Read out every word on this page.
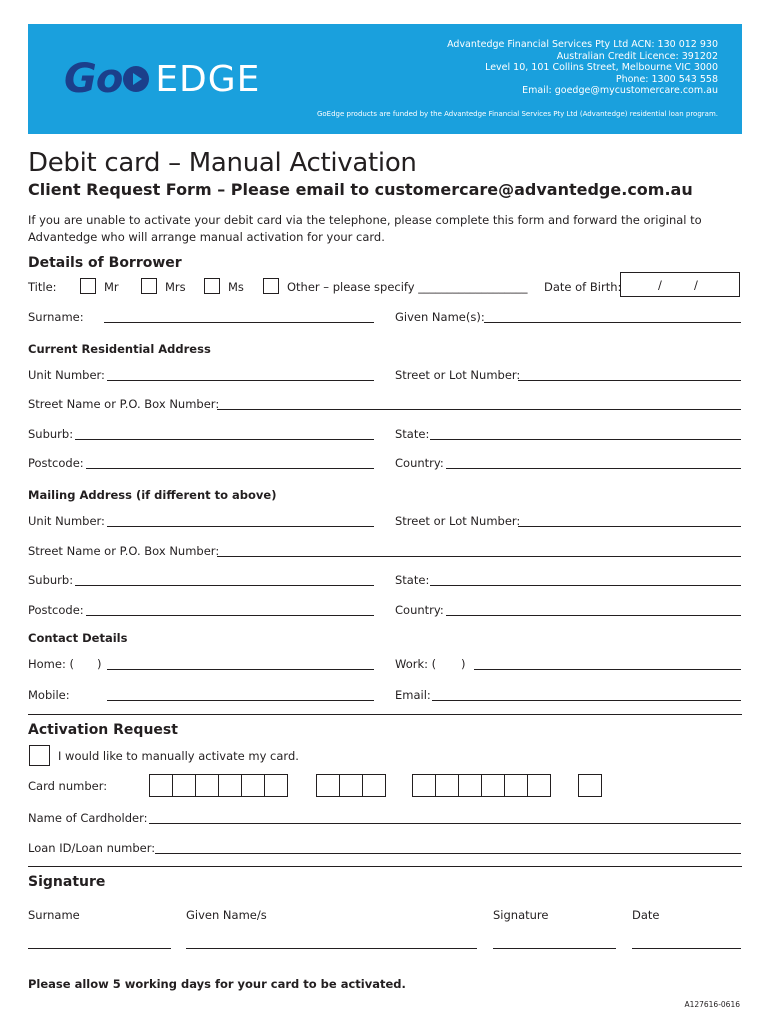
Go EDGE
Advantedge Financial Services Pty Ltd ACN: 130 012 930
Australian Credit Licence: 391202
Level 10, 101 Collins Street, Melbourne VIC 3000
Phone: 1300 543 558
Email: goedge@mycustomercare.com.au
GoEdge products are funded by the Advantedge Financial Services Pty Ltd (Advantedge) residential loan program.
Debit card – Manual Activation
Client Request Form – Please email to customercare@advantedge.com.au
If you are unable to activate your debit card via the telephone, please complete this form and forward the original to Advantedge who will arrange manual activation for your card.
Details of Borrower
Title:	Mr	Mrs	Ms	Other – please specify ___________________ Date of Birth:	/	/
Surname:	Given Name(s):
Current Residential Address
Unit Number:	Street or Lot Number:
Street Name or P.O. Box Number:
Suburb:	State:
Postcode:	Country:
Mailing Address (if different to above)
Unit Number:	Street or Lot Number:
Street Name or P.O. Box Number:
Suburb:	State:
Postcode:	Country:
Contact Details
Home: ( )	Work: ( )
Mobile:	Email:
Activation Request
I would like to manually activate my card.
Card number:
Name of Cardholder:
Loan ID/Loan number:
Signature
Surname	Given Name/s	Signature	Date
Please allow 5 working days for your card to be activated.
A127616-0616
